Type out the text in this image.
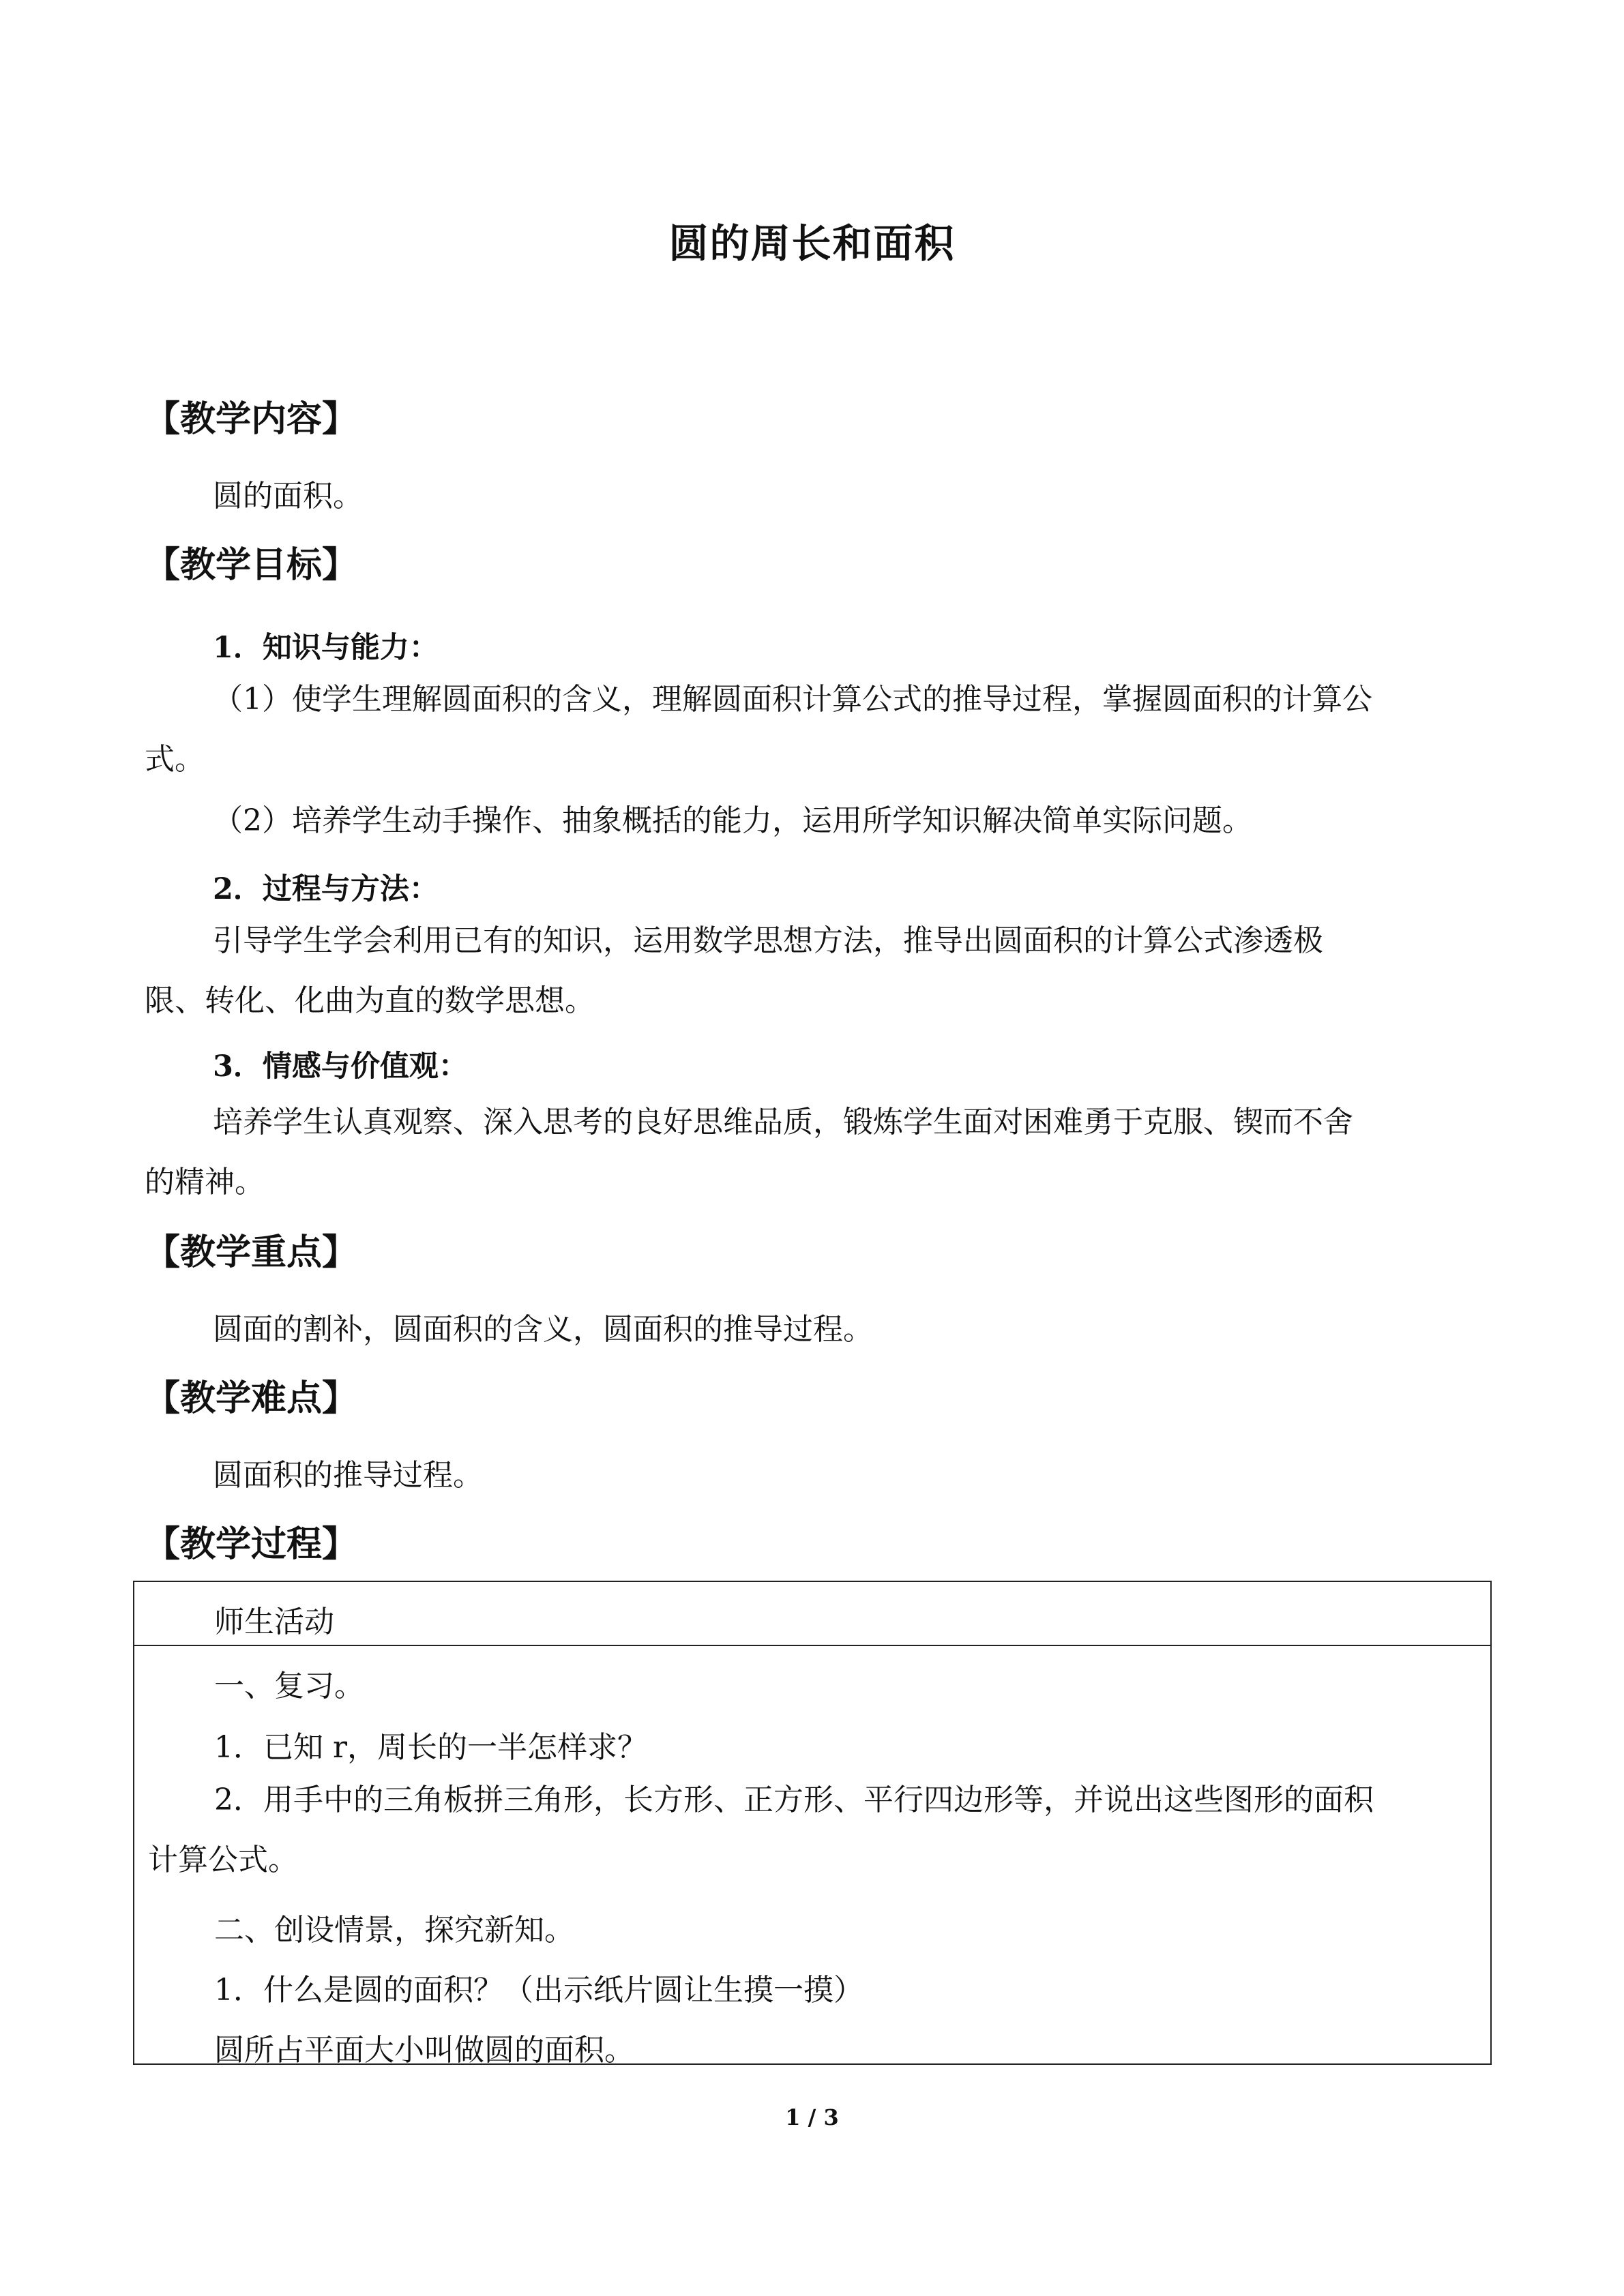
圆的周长和面积
【教学内容】
圆的面积。
【教学目标】
1．知识与能力：
（1）使学生理解圆面积的含义，理解圆面积计算公式的推导过程，掌握圆面积的计算公
式。
（2）培养学生动手操作、抽象概括的能力，运用所学知识解决简单实际问题。
2．过程与方法：
引导学生学会利用已有的知识，运用数学思想方法，推导出圆面积的计算公式渗透极
限、转化、化曲为直的数学思想。
3．情感与价值观：
培养学生认真观察、深入思考的良好思维品质，锻炼学生面对困难勇于克服、锲而不舍
的精神。
【教学重点】
圆面的割补，圆面积的含义，圆面积的推导过程。
【教学难点】
圆面积的推导过程。
【教学过程】
师生活动
一、复习。
1．已知 r，周长的一半怎样求？
2．用手中的三角板拼三角形，长方形、正方形、平行四边形等，并说出这些图形的面积
计算公式。
二、创设情景，探究新知。
1．什么是圆的面积？（出示纸片圆让生摸一摸）
圆所占平面大小叫做圆的面积。
1 / 3
